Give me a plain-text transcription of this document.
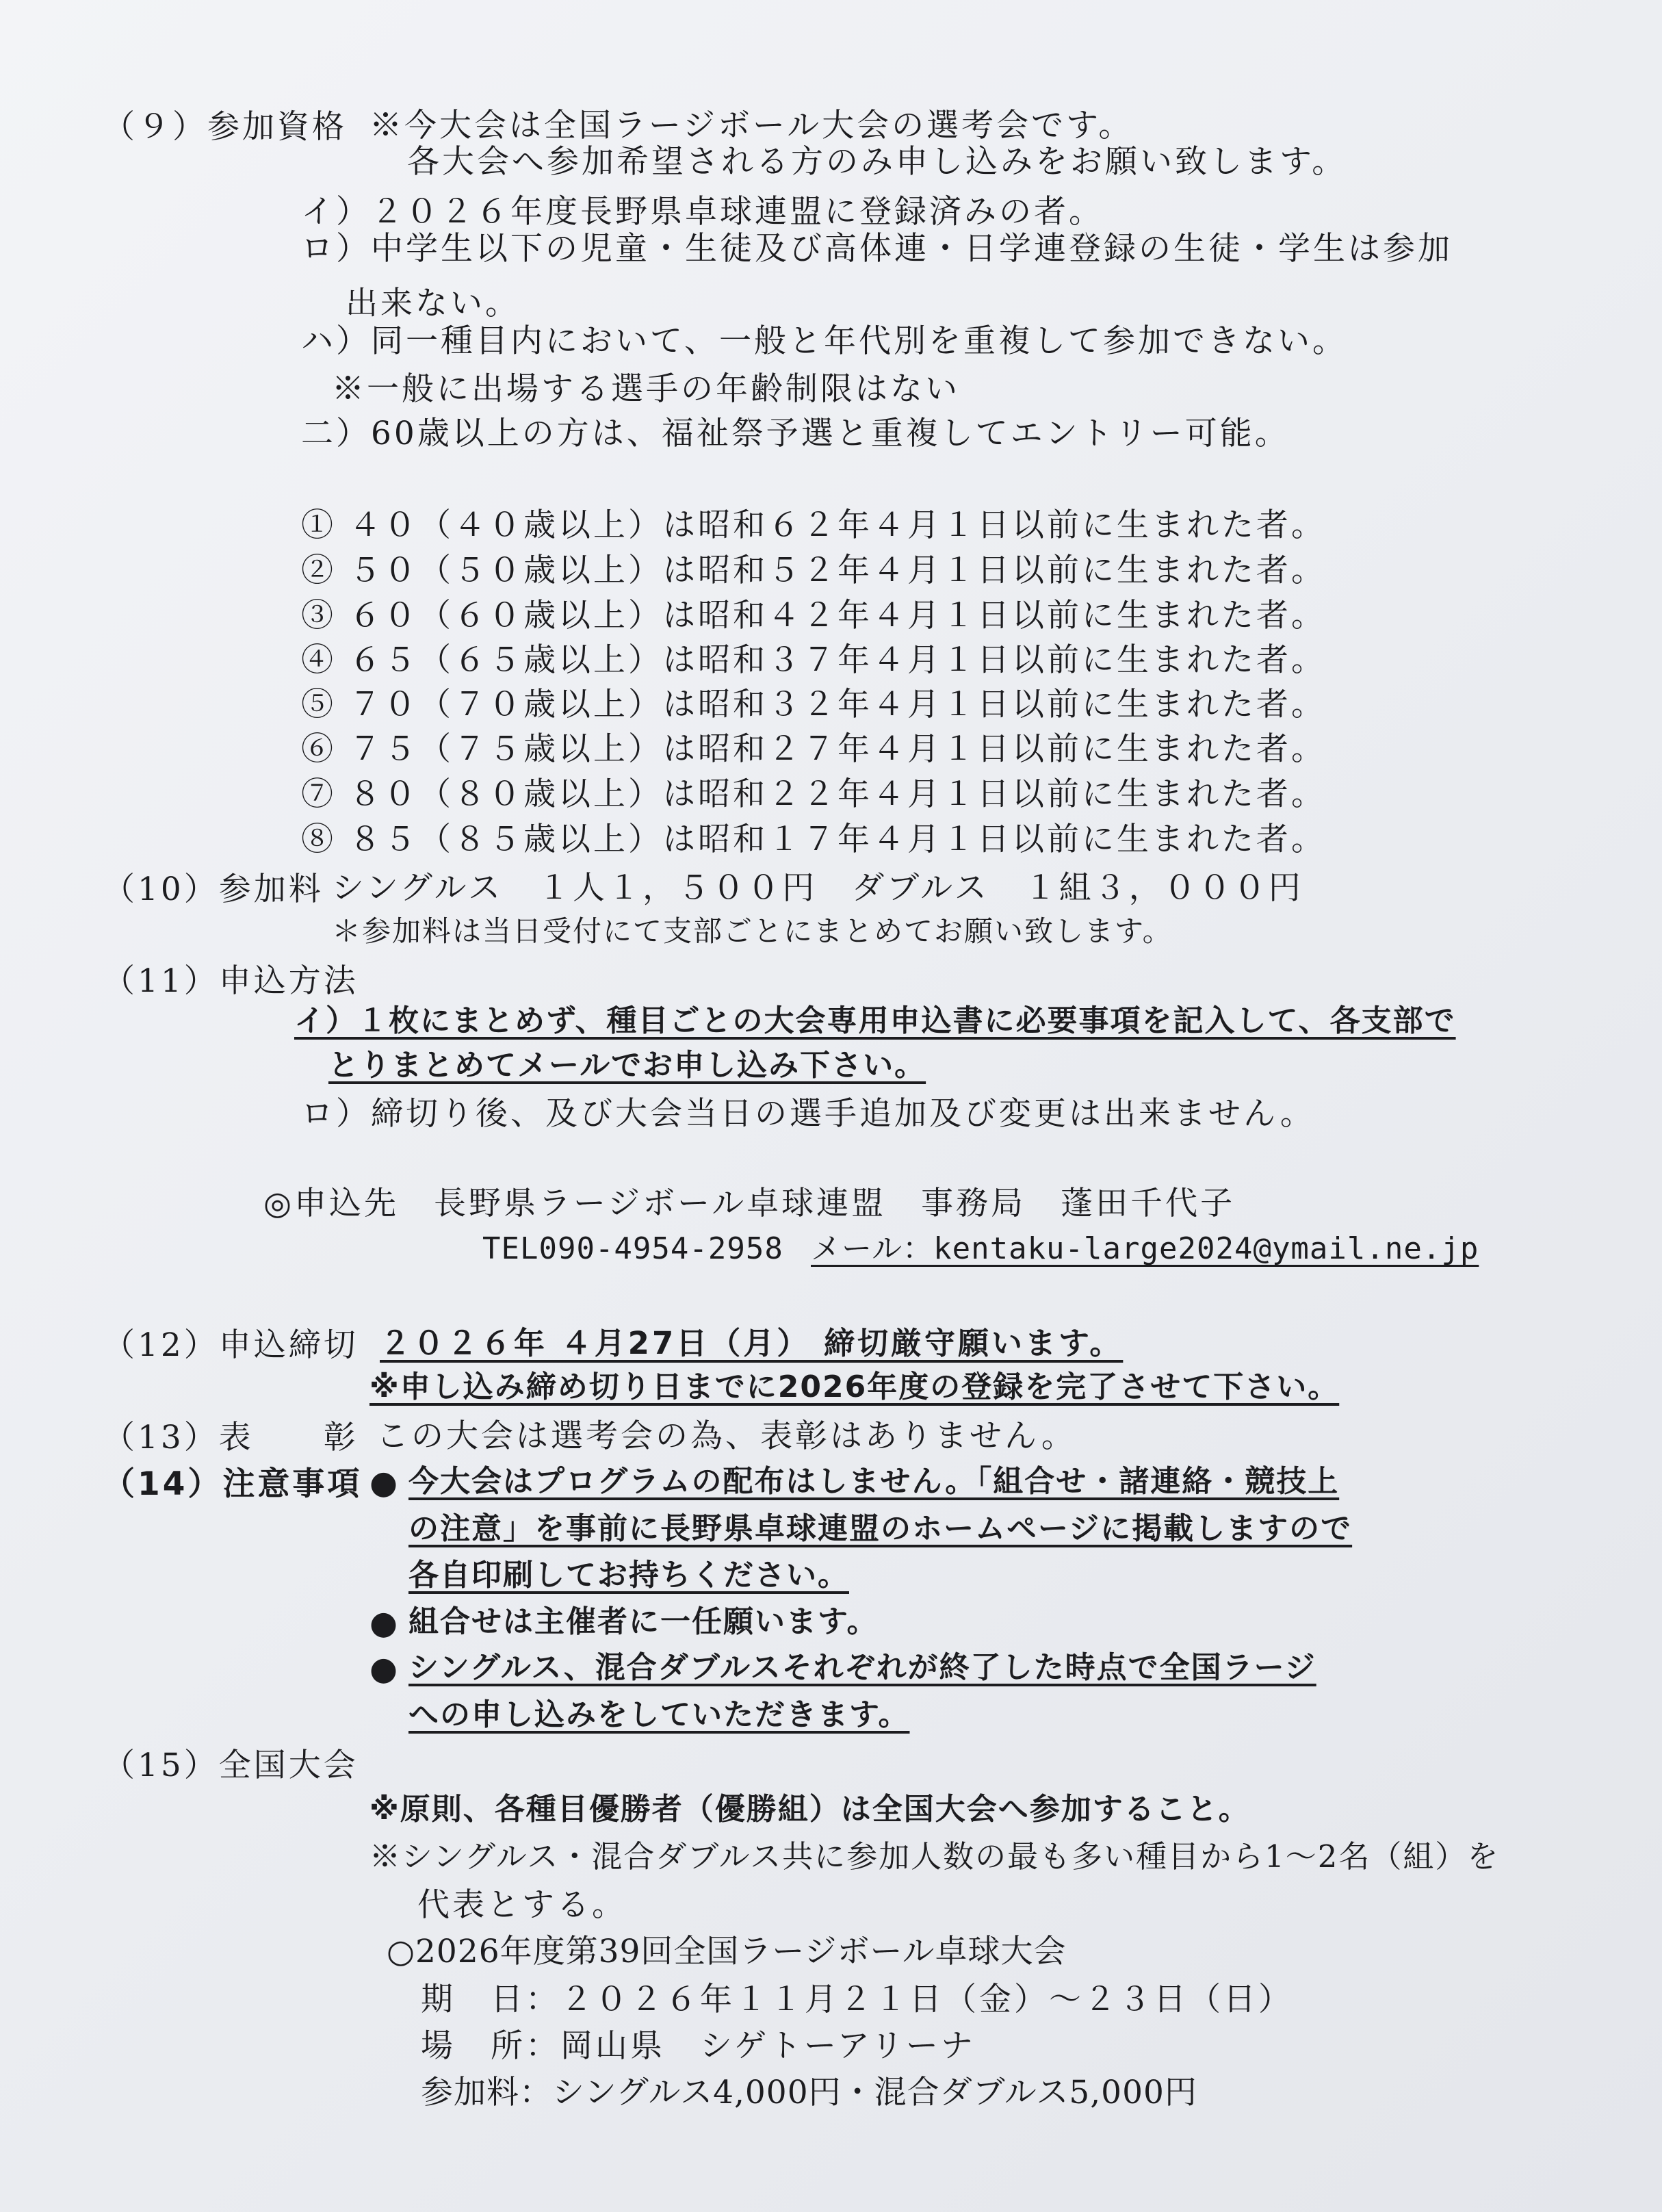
（９）参加資格 ※今大会は全国ラージボール大会の選考会です。
各大会へ参加希望される方のみ申し込みをお願い致します。
イ）２０２６年度長野県卓球連盟に登録済みの者。
ロ）中学生以下の児童・生徒及び高体連・日学連登録の生徒・学生は参加
出来ない。
ハ）同一種目内において、一般と年代別を重複して参加できない。
※一般に出場する選手の年齢制限はない
二）60歳以上の方は、福祉祭予選と重複してエントリー可能。
① ４０（４０歳以上）は昭和６２年４月１日以前に生まれた者。
② ５０（５０歳以上）は昭和５２年４月１日以前に生まれた者。
③ ６０（６０歳以上）は昭和４２年４月１日以前に生まれた者。
④ ６５（６５歳以上）は昭和３７年４月１日以前に生まれた者。
⑤ ７０（７０歳以上）は昭和３２年４月１日以前に生まれた者。
⑥ ７５（７５歳以上）は昭和２７年４月１日以前に生まれた者。
⑦ ８０（８０歳以上）は昭和２２年４月１日以前に生まれた者。
⑧ ８５（８５歳以上）は昭和１７年４月１日以前に生まれた者。
（10）参加料 シングルス　１人１，５００円　ダブルス　１組３，０００円
＊参加料は当日受付にて支部ごとにまとめてお願い致します。
（11）申込方法
イ）１枚にまとめず、種目ごとの大会専用申込書に必要事項を記入して、各支部で
とりまとめてメールでお申し込み下さい。
ロ）締切り後、及び大会当日の選手追加及び変更は出来ません。
◎申込先　長野県ラージボール卓球連盟　事務局　蓬田千代子
TEL090-4954-2958 メール：kentaku-large2024@ymail.ne.jp
（12）申込締切 ２０２６年 ４月27日（月） 締切厳守願います。
※申し込み締め切り日までに2026年度の登録を完了させて下さい。
（13）表　　彰 この大会は選考会の為、表彰はありません。
（14）注意事項 ● 今大会はプログラムの配布はしません。「組合せ・諸連絡・競技上
の注意」を事前に長野県卓球連盟のホームページに掲載しますので
各自印刷してお持ちください。
● 組合せは主催者に一任願います。
● シングルス、混合ダブルスそれぞれが終了した時点で全国ラージ
への申し込みをしていただきます。
（15）全国大会
※原則、各種目優勝者（優勝組）は全国大会へ参加すること。
※シングルス・混合ダブルス共に参加人数の最も多い種目から1～2名（組）を
代表とする。
○2026年度第39回全国ラージボール卓球大会
期　日：２０２６年１１月２１日（金）～２３日（日）
場　所：岡山県　シゲトーアリーナ
参加料：シングルス4,000円・混合ダブルス5,000円
